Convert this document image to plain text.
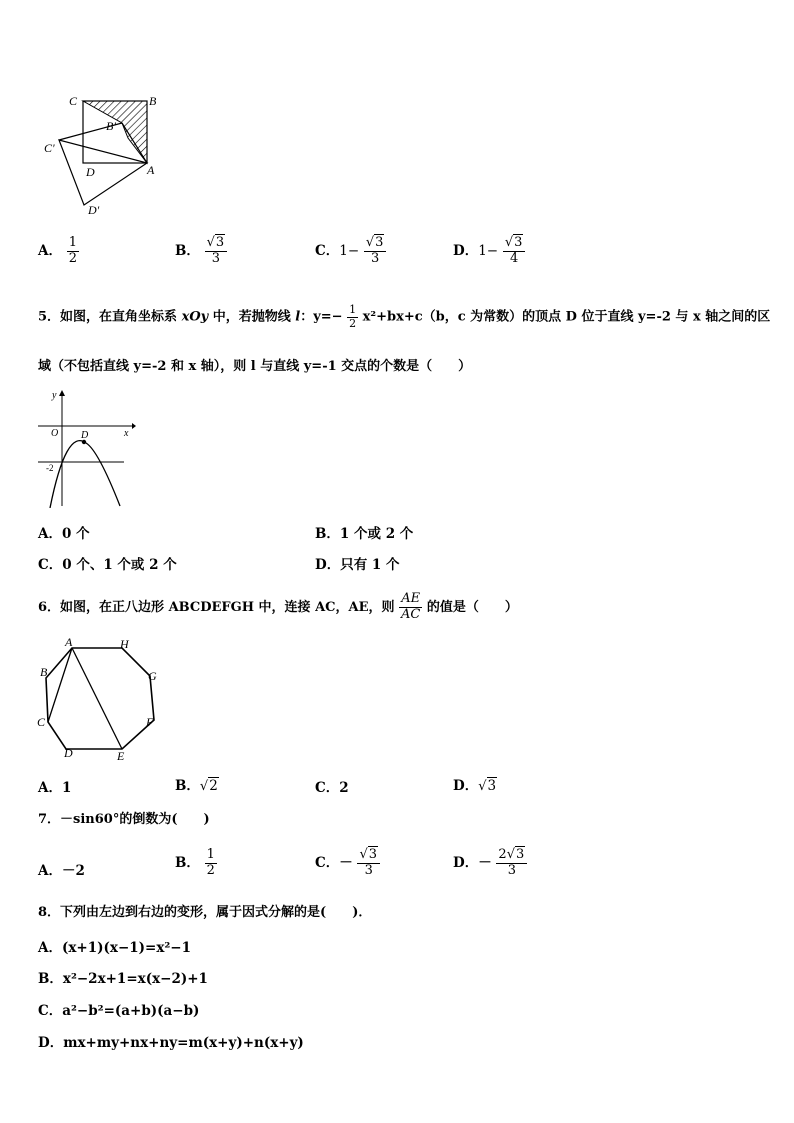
C	B
B'
C'
D	A
D'
A． $\frac{1}{2}$	B． $\frac{√3}{3}$	C．$1- \frac{√3}{3}$	D．$1- \frac{√3}{4}$
5．如图，在直角坐标系 xOy 中，若抛物线 l：$y=- \frac{1}{2} x^2+bx+c(b$，c 为常数）的顶点 D 位于直线 y=-2 与 x 轴之间的区
域（不包括直线 y=-2 和 x 轴），则 l 与直线 y=-1 交点的个数是（　　）
y
x
O D
-2
A．0 个	B．1 个或 2 个
C．0 个、1 个或 2 个	D．只有 1 个
6．如图，在正八边形 ABCDEFGH 中，连接 AC，AE，则 $\frac{AE}{AC}$ 的值是（　　）
A	H
G
F
E
D
C
B
A．1	B．√2	C．2	D．√3
7．－sin60°的倒数为(　　)
A．－2
B． $\frac{1}{2}$	C．－ $\frac{√3}{3}$	D．－ $\frac{2√3}{3}$
8．下列由左边到右边的变形，属于因式分解的是(　　)．
A．(x+1)(x−1)=x²−1
B．x²−2x+1=x(x−2)+1
C．a²−b²=(a+b)(a−b)
D．mx+my+nx+ny=m(x+y)+n(x+y)
